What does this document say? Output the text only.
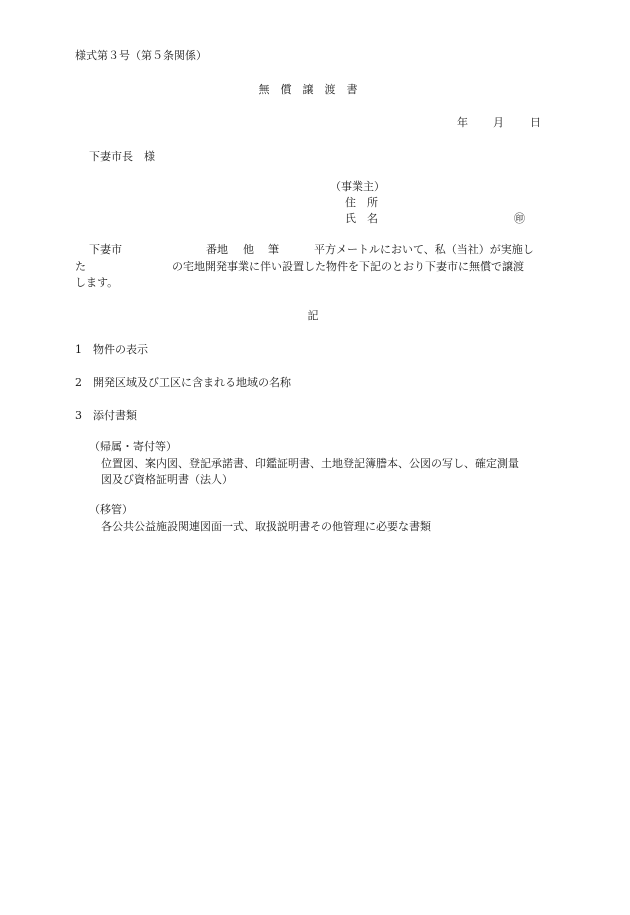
様式第３号（第５条関係）
無　償　譲　渡　書
年 月 日
下妻市長　様
（事業主）
住　所
氏　名	㊞
下妻市	番地 他 筆	平方メートルにおいて、私（当社）が実施し
た	の宅地開発事業に伴い設置した物件を下記のとおり下妻市に無償で譲渡
します。
記
1　物件の表示
2　開発区域及び工区に含まれる地域の名称
3　添付書類
（帰属・寄付等）
位置図、案内図、登記承諾書、印鑑証明書、土地登記簿謄本、公図の写し、確定測量
図及び資格証明書（法人）
（移管）
各公共公益施設関連図面一式、取扱説明書その他管理に必要な書類
